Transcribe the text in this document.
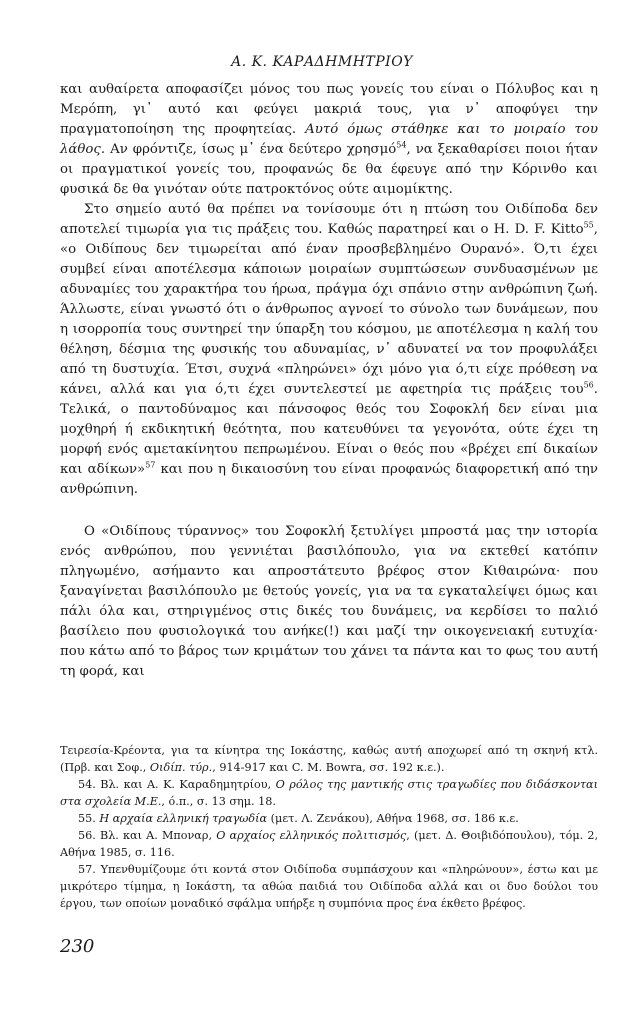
Α. Κ. ΚΑΡΑΔΗΜΗΤΡΙΟΥ

και αυθαίρετα αποφασίζει μόνος του πως γονείς του είναι ο Πόλυβος και η Μερόπη, γι᾽ αυτό και φεύγει μακριά τους, για ν᾽ αποφύγει την πραγματοποίηση της προφητείας. Αυτό όμως στάθηκε και το μοιραίο του λάθος. Αν φρόντιζε, ίσως μ᾽ ένα δεύτερο χρησμό$^{54}$, να ξεκαθαρίσει ποιοι ήταν οι πραγματικοί γονείς του, προφανώς δε θα έφευγε από την Κόρινθο και φυσικά δε θα γινόταν ούτε πατροκτόνος ούτε αιμομίκτης.

Στο σημείο αυτό θα πρέπει να τονίσουμε ότι η πτώση του Οιδίποδα δεν αποτελεί τιμωρία για τις πράξεις του. Καθώς παρατηρεί και ο H. D. F. Kitto$^{55}$, «ο Οιδίπους δεν τιμωρείται από έναν προσβεβλημένο Ουρανό». Ό,τι έχει συμβεί είναι αποτέλεσμα κάποιων μοιραίων συμπτώσεων συνδυασμένων με αδυναμίες του χαρακτήρα του ήρωα, πράγμα όχι σπάνιο στην ανθρώπινη ζωή. Άλλωστε, είναι γνωστό ότι ο άνθρωπος αγνοεί το σύνολο των δυνάμεων, που η ισορροπία τους συντηρεί την ύπαρξη του κόσμου, με αποτέλεσμα η καλή του θέληση, δέσμια της φυσικής του αδυναμίας, ν᾽ αδυνατεί να τον προφυλάξει από τη δυστυχία. Έτσι, συχνά «πληρώνει» όχι μόνο για ό,τι είχε πρόθεση να κάνει, αλλά και για ό,τι έχει συντελεστεί με αφετηρία τις πράξεις του$^{56}$. Τελικά, ο παντοδύναμος και πάνσοφος θεός του Σοφοκλή δεν είναι μια μοχθηρή ή εκδικητική θεότητα, που κατευθύνει τα γεγονότα, ούτε έχει τη μορφή ενός αμετακίνητου πεπρωμένου. Είναι ο θεός που «βρέχει επί δικαίων και αδίκων»$^{57}$ και που η δικαιοσύνη του είναι προφανώς διαφορετική από την ανθρώπινη.

Ο «Οιδίπους τύραννος» του Σοφοκλή ξετυλίγει μπροστά μας την ιστορία ενός ανθρώπου, που γεννιέται βασιλόπουλο, για να εκτεθεί κατόπιν πληγωμένο, ασήμαντο και απροστάτευτο βρέφος στον Κιθαιρώνα· που ξαναγίνεται βασιλόπουλο με θετούς γονείς, για να τα εγκαταλείψει όμως και πάλι όλα και, στηριγμένος στις δικές του δυνάμεις, να κερδίσει το παλιό βασίλειο που φυσιολογικά του ανήκε(!) και μαζί την οικογενειακή ευτυχία· που κάτω από το βάρος των κριμάτων του χάνει τα πάντα και το φως του αυτή τη φορά, και

Τειρεσία-Κρέοντα, για τα κίνητρα της Ιοκάστης, καθώς αυτή αποχωρεί από τη σκηνή κτλ. (Πρβ. και Σοφ., Οιδίπ. τύρ., 914-917 και C. M. Bowra, σσ. 192 κ.ε.).

54. Βλ. και Α. Κ. Καραδημητρίου, Ο ρόλος της μαντικής στις τραγωδίες που διδάσκονται στα σχολεία Μ.Ε., ό.π., σ. 13 σημ. 18.

55. Η αρχαία ελληνική τραγωδία (μετ. Λ. Ζενάκου), Αθήνα 1968, σσ. 186 κ.ε.

56. Βλ. και Α. Μποναρ, Ο αρχαίος ελληνικός πολιτισμός, (μετ. Δ. Θοιβιδόπουλου), τόμ. 2, Αθήνα 1985, σ. 116.

57. Υπενθυμίζουμε ότι κοντά στον Οιδίποδα συμπάσχουν και «πληρώνουν», έστω και με μικρότερο τίμημα, η Ιοκάστη, τα αθώα παιδιά του Οιδίποδα αλλά και οι δυο δούλοι του έργου, των οποίων μοναδικό σφάλμα υπήρξε η συμπόνια προς ένα έκθετο βρέφος.

230
